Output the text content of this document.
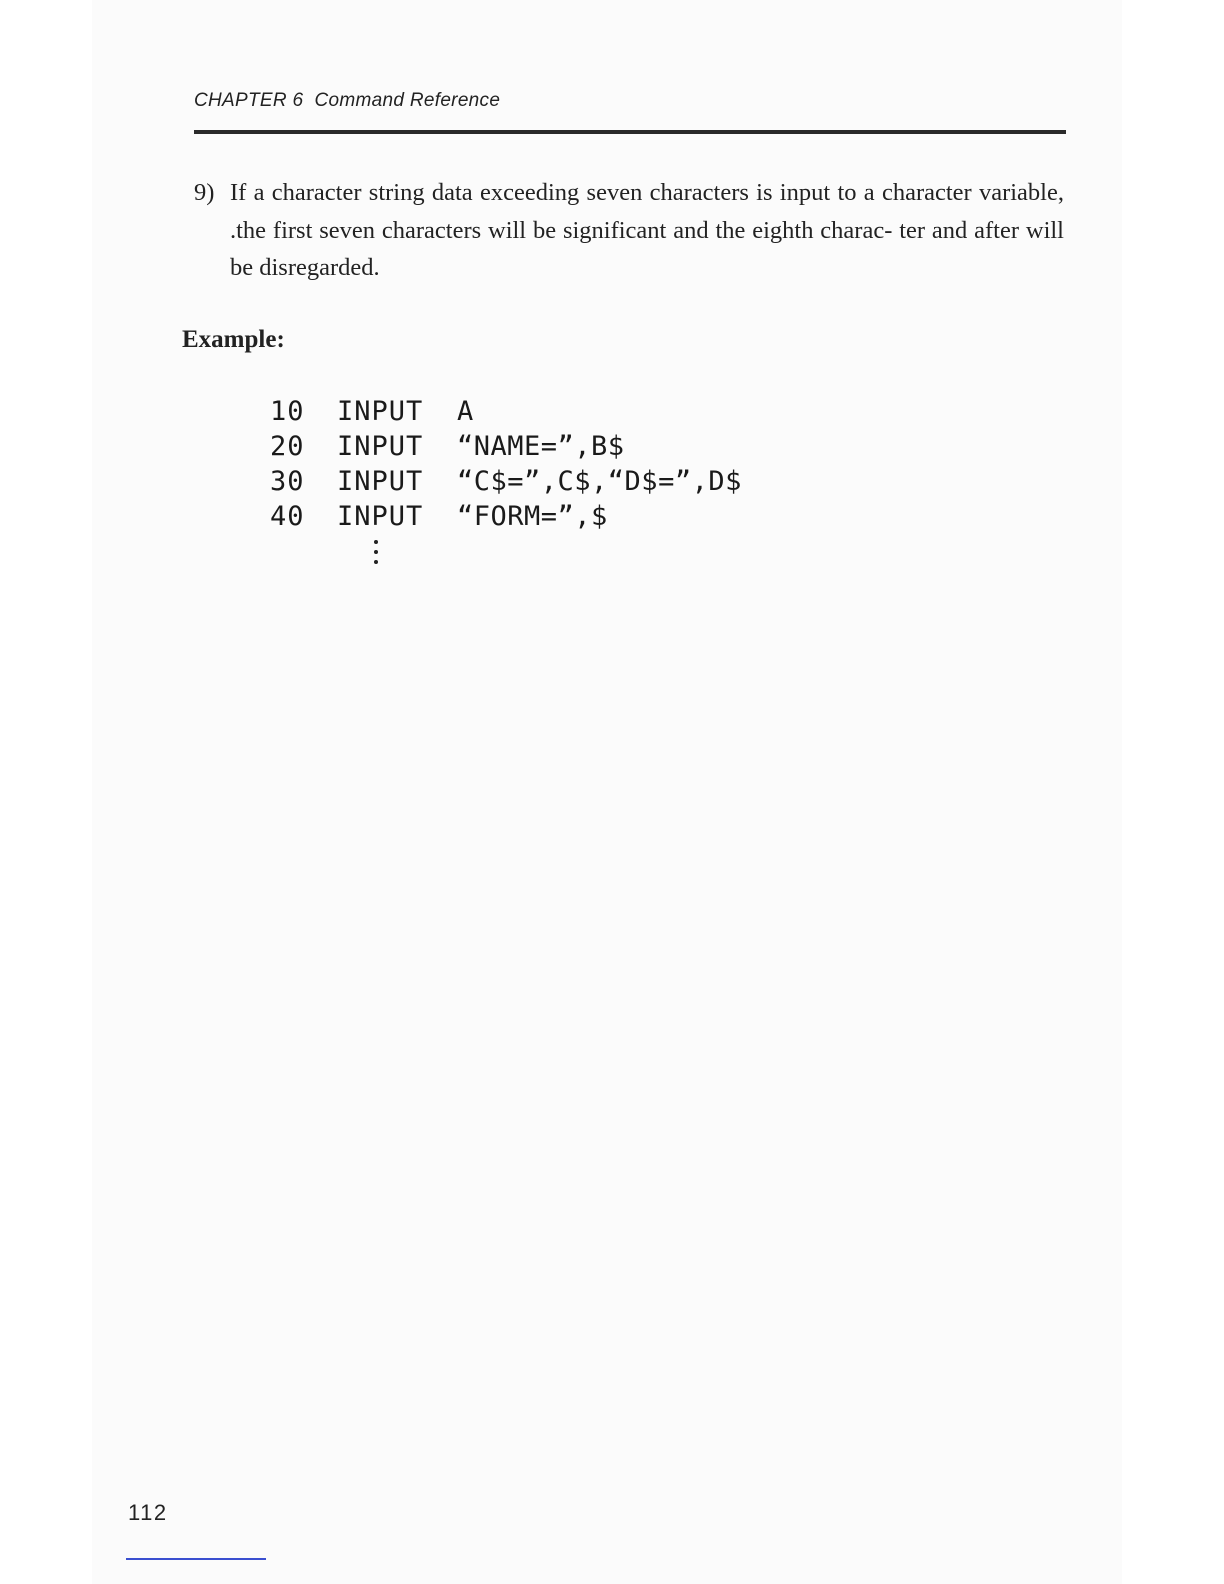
CHAPTER 6 Command Reference
9) If a character string data exceeding seven characters is input to a character variable, .the first seven characters will be significant and the eighth charac- ter and after will be disregarded.
Example:
10 INPUT A
20 INPUT “NAME=”,B$
30 INPUT “C$=”,C$,“D$=”,D$
40 INPUT “FORM=”,$
112
